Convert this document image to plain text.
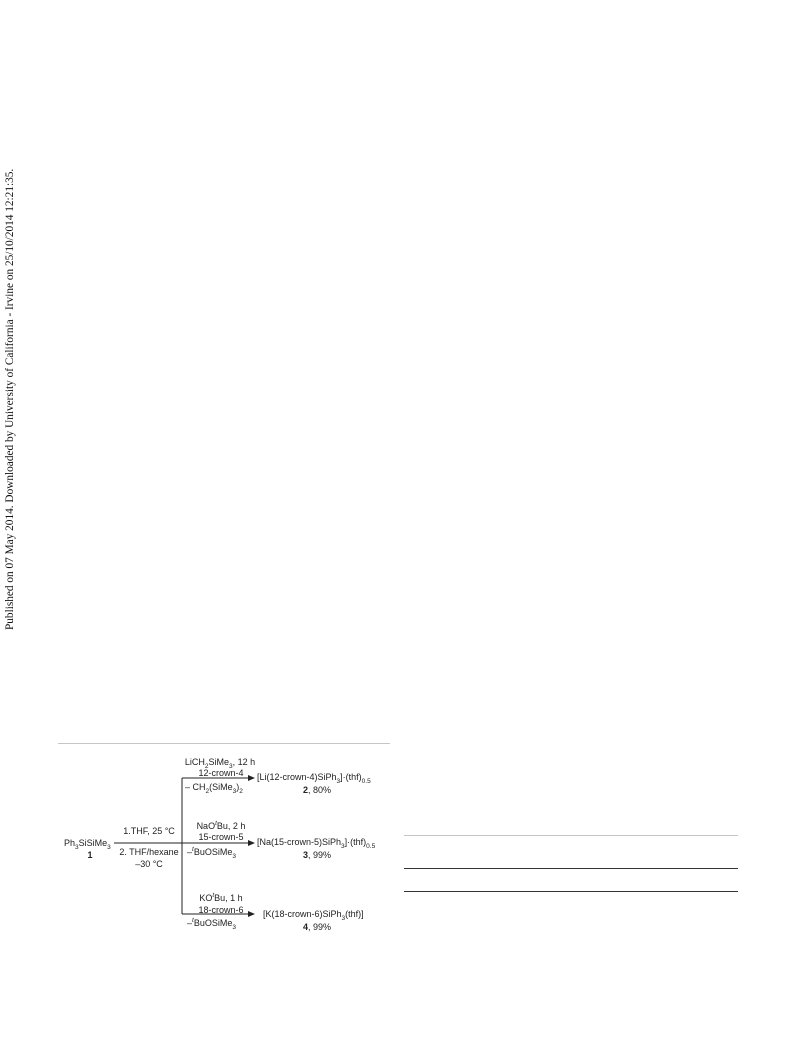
Published on 07 May 2014. Downloaded by University of California - Irvine on 25/10/2014 12:21:35.
$Ph_3SiSiMe_3$
1
1.THF, 25 °C
2. THF/hexane
–30 °C
LiCH$_2$SiMe$_3$, 12 h
12-crown-4
– $CH_2(SiMe_3)_2$
$[Li(12-crown-4)SiPh_3]\cdot(thf)_{0.5}$
2, 80%
NaO$^t$Bu, 2 h
15-crown-5
–$^t$BuOSiMe$_3$
$[Na(15-crown-5)SiPh_3]\cdot(thf)_{0.5}$
3, 99%
$KO^tBu$, 1 h
18-crown-6
–$^t$BuOSiMe$_3$
[K(18-crown-6)SiPh$_3$(thf)]
4, 99%
